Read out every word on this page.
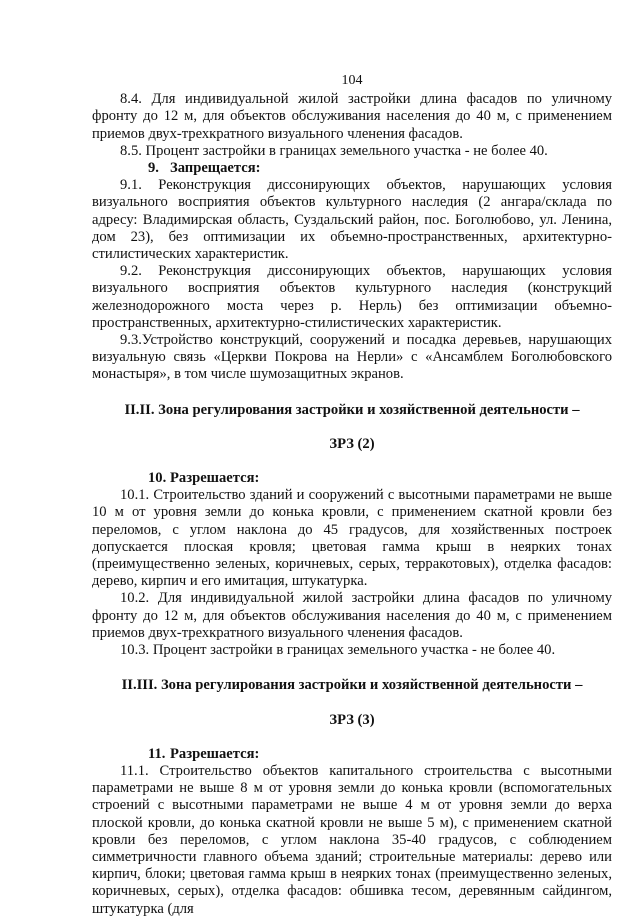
104

8.4. Для индивидуальной жилой застройки длина фасадов по уличному фронту до 12 м, для объектов обслуживания населения до 40 м, с применением приемов двух-трехкратного визуального членения фасадов.

8.5. Процент застройки в границах земельного участка - не более 40.

9. Запрещается:

9.1. Реконструкция диссонирующих объектов, нарушающих условия визуального восприятия объектов культурного наследия (2 ангара/склада по адресу: Владимирская область, Суздальский район, пос. Боголюбово, ул. Ленина, дом 23), без оптимизации их объемно-пространственных, архитектурно-стилистических характеристик.

9.2. Реконструкция диссонирующих объектов, нарушающих условия визуального восприятия объектов культурного наследия (конструкций железнодорожного моста через р. Нерль) без оптимизации объемно-пространственных, архитектурно-стилистических характеристик.

9.3.Устройство конструкций, сооружений и посадка деревьев, нарушающих визуальную связь «Церкви Покрова на Нерли» с «Ансамблем Боголюбовского монастыря», в том числе шумозащитных экранов.

II.II. Зона регулирования застройки и хозяйственной деятельности –
ЗРЗ (2)

10. Разрешается:

10.1. Строительство зданий и сооружений с высотными параметрами не выше 10 м от уровня земли до конька кровли, с применением скатной кровли без переломов, с углом наклона до 45 градусов, для хозяйственных построек допускается плоская кровля; цветовая гамма крыш в неярких тонах (преимущественно зеленых, коричневых, серых, терракотовых), отделка фасадов: дерево, кирпич и его имитация, штукатурка.

10.2. Для индивидуальной жилой застройки длина фасадов по уличному фронту до 12 м, для объектов обслуживания населения до 40 м, с применением приемов двух-трехкратного визуального членения фасадов.

10.3. Процент застройки в границах земельного участка - не более 40.

II.III. Зона регулирования застройки и хозяйственной деятельности –
ЗРЗ (3)

11. Разрешается:

11.1. Строительство объектов капитального строительства с высотными параметрами не выше 8 м от уровня земли до конька кровли (вспомогательных строений с высотными параметрами не выше 4 м от уровня земли до верха плоской кровли, до конька скатной кровли не выше 5 м), с применением скатной кровли без переломов, с углом наклона 35-40 градусов, с соблюдением симметричности главного объема зданий; строительные материалы: дерево или кирпич, блоки; цветовая гамма крыш в неярких тонах (преимущественно зеленых, коричневых, серых), отделка фасадов: обшивка тесом, деревянным сайдингом, штукатурка (для
